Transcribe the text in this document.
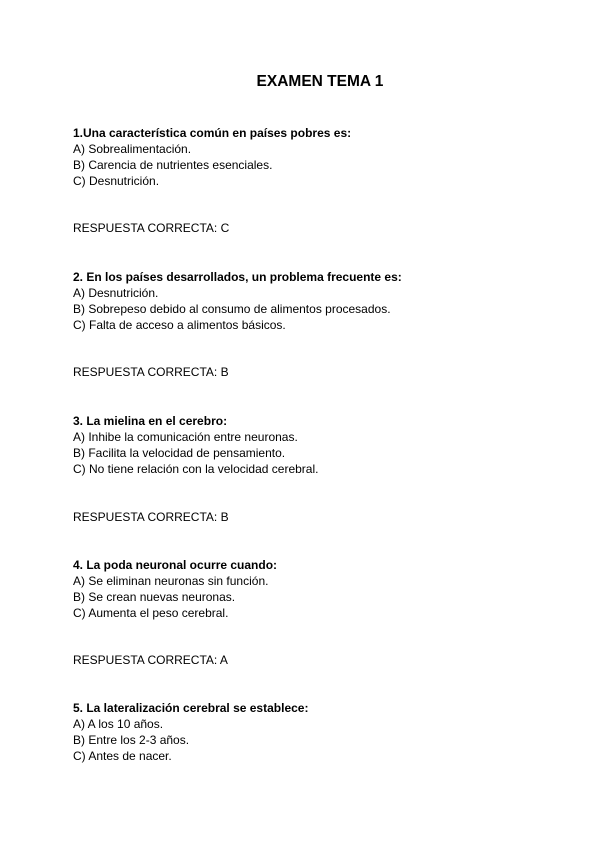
EXAMEN TEMA 1

1.Una característica común en países pobres es:

A) Sobrealimentación.

B) Carencia de nutrientes esenciales.

C) Desnutrición.

RESPUESTA CORRECTA: C

2. En los países desarrollados, un problema frecuente es:

A) Desnutrición.

B) Sobrepeso debido al consumo de alimentos procesados.

C) Falta de acceso a alimentos básicos.

RESPUESTA CORRECTA: B

3. La mielina en el cerebro:

A) Inhibe la comunicación entre neuronas.

B) Facilita la velocidad de pensamiento.

C) No tiene relación con la velocidad cerebral.

RESPUESTA CORRECTA: B

4. La poda neuronal ocurre cuando:

A) Se eliminan neuronas sin función.

B) Se crean nuevas neuronas.

C) Aumenta el peso cerebral.

RESPUESTA CORRECTA: A

5. La lateralización cerebral se establece:

A) A los 10 años.

B) Entre los 2-3 años.

C) Antes de nacer.
